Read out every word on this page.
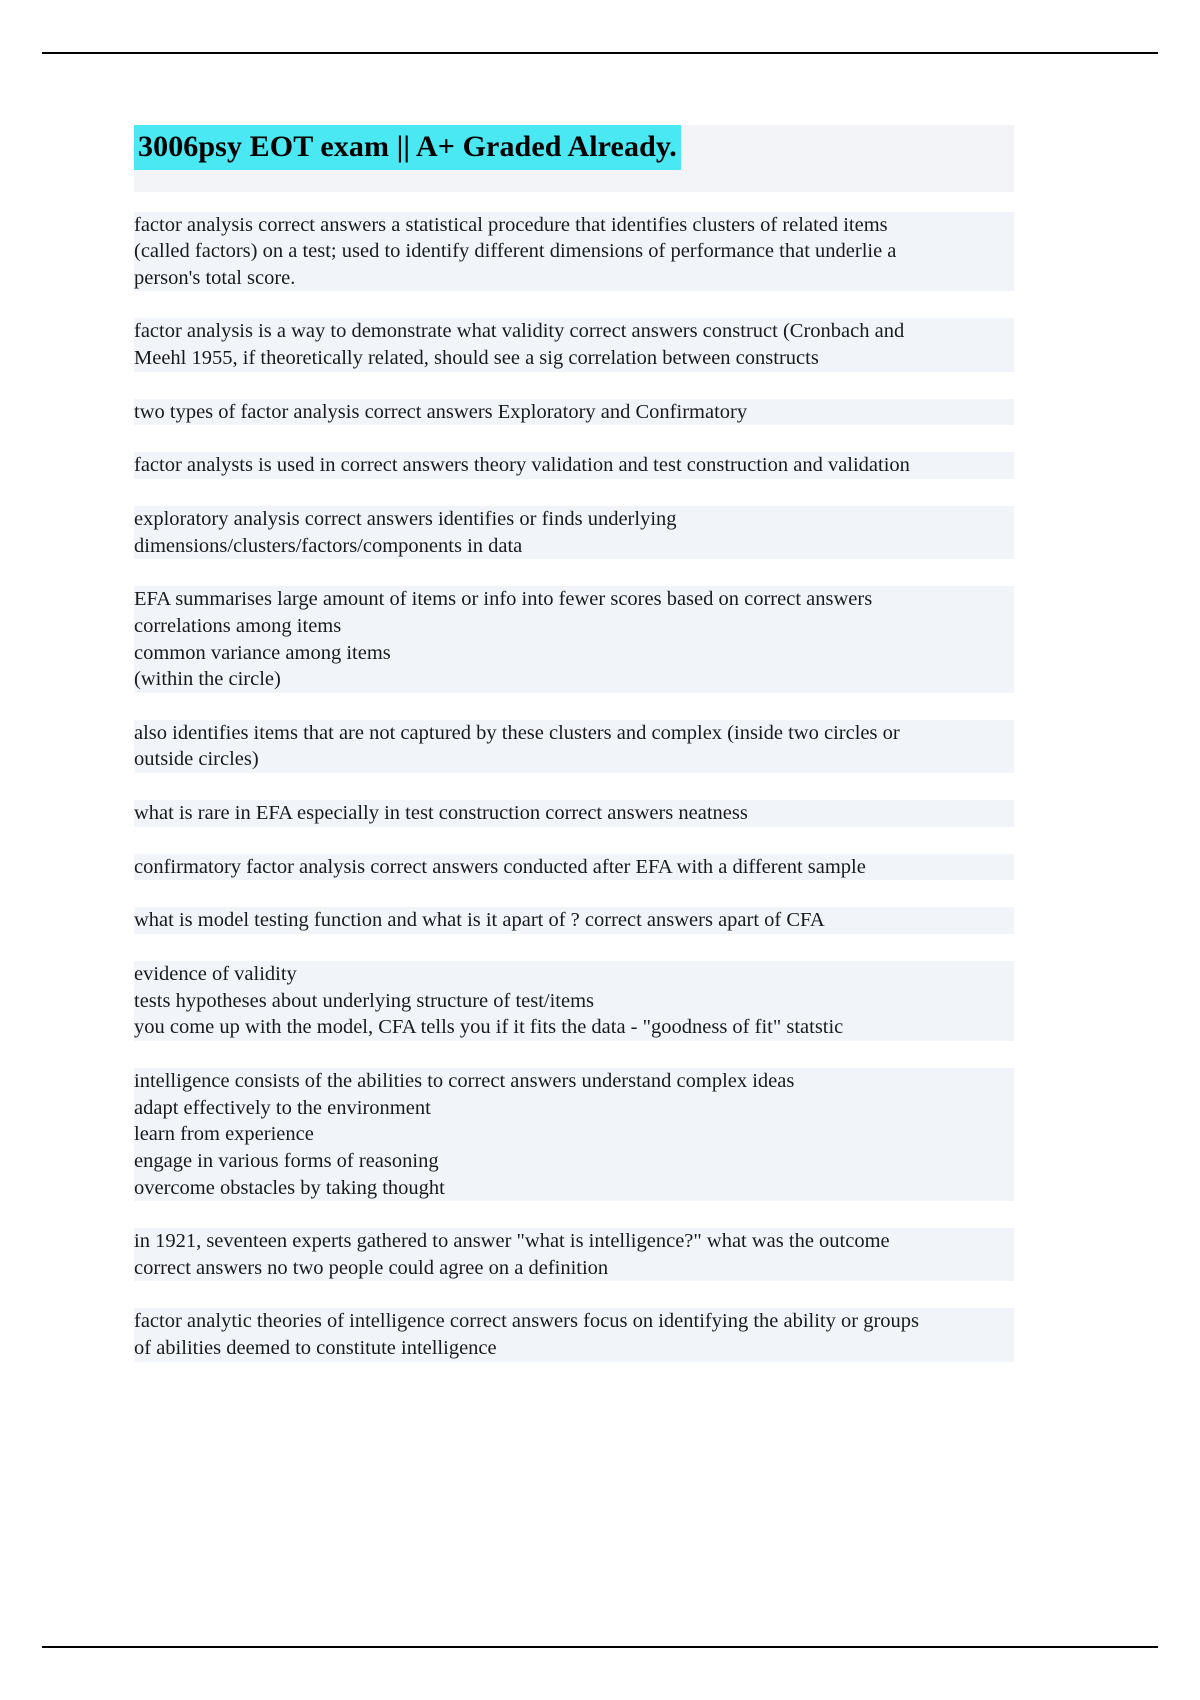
3006psy EOT exam || A+ Graded Already.
factor analysis correct answers a statistical procedure that identifies clusters of related items
(called factors) on a test; used to identify different dimensions of performance that underlie a
person's total score.
factor analysis is a way to demonstrate what validity correct answers construct (Cronbach and
Meehl 1955, if theoretically related, should see a sig correlation between constructs
two types of factor analysis correct answers Exploratory and Confirmatory
factor analysts is used in correct answers theory validation and test construction and validation
exploratory analysis correct answers identifies or finds underlying
dimensions/clusters/factors/components in data
EFA summarises large amount of items or info into fewer scores based on correct answers
correlations among items
common variance among items
(within the circle)
also identifies items that are not captured by these clusters and complex (inside two circles or
outside circles)
what is rare in EFA especially in test construction correct answers neatness
confirmatory factor analysis correct answers conducted after EFA with a different sample
what is model testing function and what is it apart of ? correct answers apart of CFA
evidence of validity
tests hypotheses about underlying structure of test/items
you come up with the model, CFA tells you if it fits the data - "goodness of fit" statstic
intelligence consists of the abilities to correct answers understand complex ideas
adapt effectively to the environment
learn from experience
engage in various forms of reasoning
overcome obstacles by taking thought
in 1921, seventeen experts gathered to answer "what is intelligence?" what was the outcome
correct answers no two people could agree on a definition
factor analytic theories of intelligence correct answers focus on identifying the ability or groups
of abilities deemed to constitute intelligence
